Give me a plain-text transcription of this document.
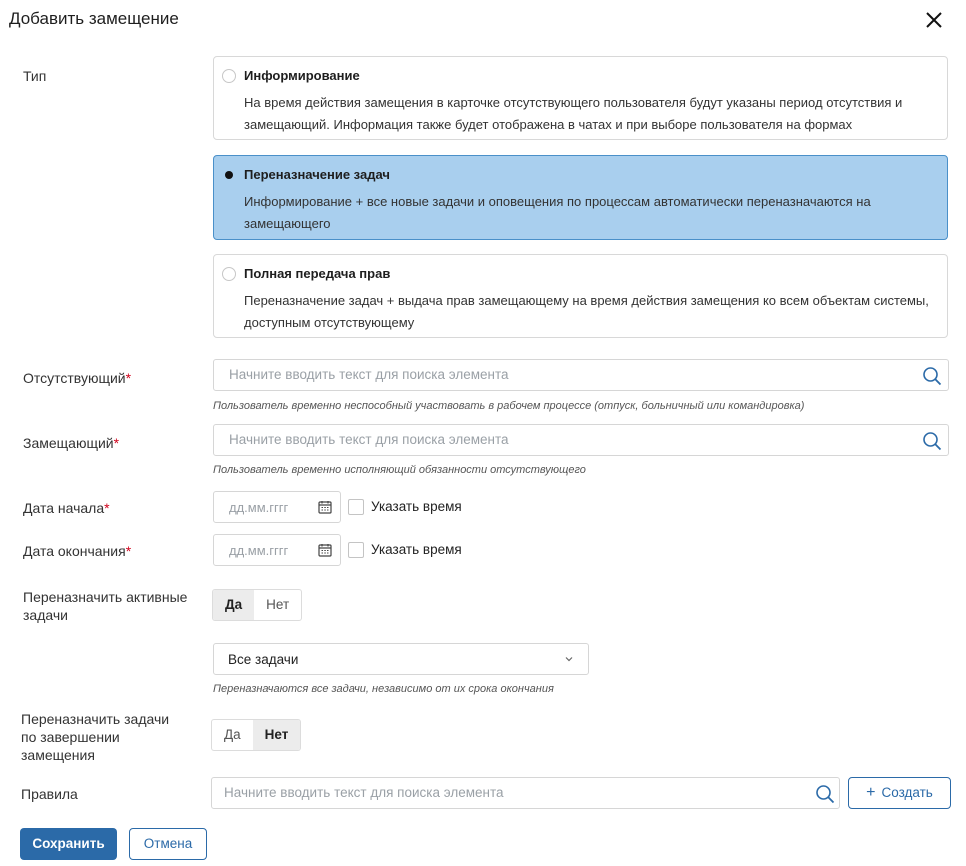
Добавить замещение
Тип	Информирование
На время действия замещения в карточке отсутствующего пользователя будут указаны период отсутствия и замещающий. Информация также будет отображена в чатах и при выборе пользователя на формах
Переназначение задач
Информирование + все новые задачи и оповещения по процессам автоматически переназначаются на замещающего
Полная передача прав
Переназначение задач + выдача прав замещающему на время действия замещения ко всем объектам системы, доступным отсутствующему
Отсутствующий*	Начните вводить текст для поиска элемента
Пользователь временно неспособный участвовать в рабочем процессе (отпуск, больничный или командировка)
Замещающий*	Начните вводить текст для поиска элемента
Пользователь временно исполняющий обязанности отсутствующего
Дата начала*	дд.мм.гггг	Указать время
Дата окончания*	дд.мм.гггг	Указать время
Переназначить активные
задачи
Да	Нет
Все задачи
Переназначаются все задачи, независимо от их срока окончания
Переназначить задачи
по завершении
замещения
Да	Нет
Правила	Начните вводить текст для поиска элемента	+ Создать
Сохранить	Отмена
